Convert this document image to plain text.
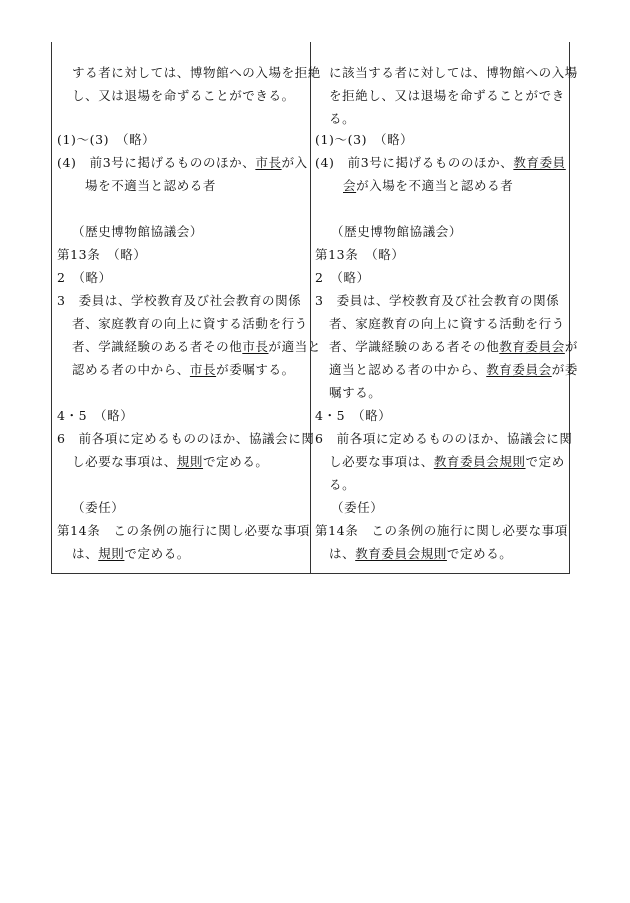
する者に対しては、博物館への入場を拒絶
し、又は退場を命ずることができる。
(1)～(3)　（略）
(4)　前3号に掲げるもののほか、市長が入
場を不適当と認める者
（歴史博物館協議会）
第13条　（略）
2　（略）
3　委員は、学校教育及び社会教育の関係
者、家庭教育の向上に資する活動を行う
者、学識経験のある者その他市長が適当と
認める者の中から、市長が委嘱する。
4・5　（略）
6　前各項に定めるもののほか、協議会に関
し必要な事項は、規則で定める。
（委任）
第14条　この条例の施行に関し必要な事項
は、規則で定める。
に該当する者に対しては、博物館への入場
を拒絶し、又は退場を命ずることができ
る。
(1)～(3)　（略）
(4)　前3号に掲げるもののほか、教育委員
会が入場を不適当と認める者
（歴史博物館協議会）
第13条　（略）
2　（略）
3　委員は、学校教育及び社会教育の関係
者、家庭教育の向上に資する活動を行う
者、学識経験のある者その他教育委員会が
適当と認める者の中から、教育委員会が委
嘱する。
4・5　（略）
6　前各項に定めるもののほか、協議会に関
し必要な事項は、教育委員会規則で定め
る。
（委任）
第14条　この条例の施行に関し必要な事項
は、教育委員会規則で定める。
